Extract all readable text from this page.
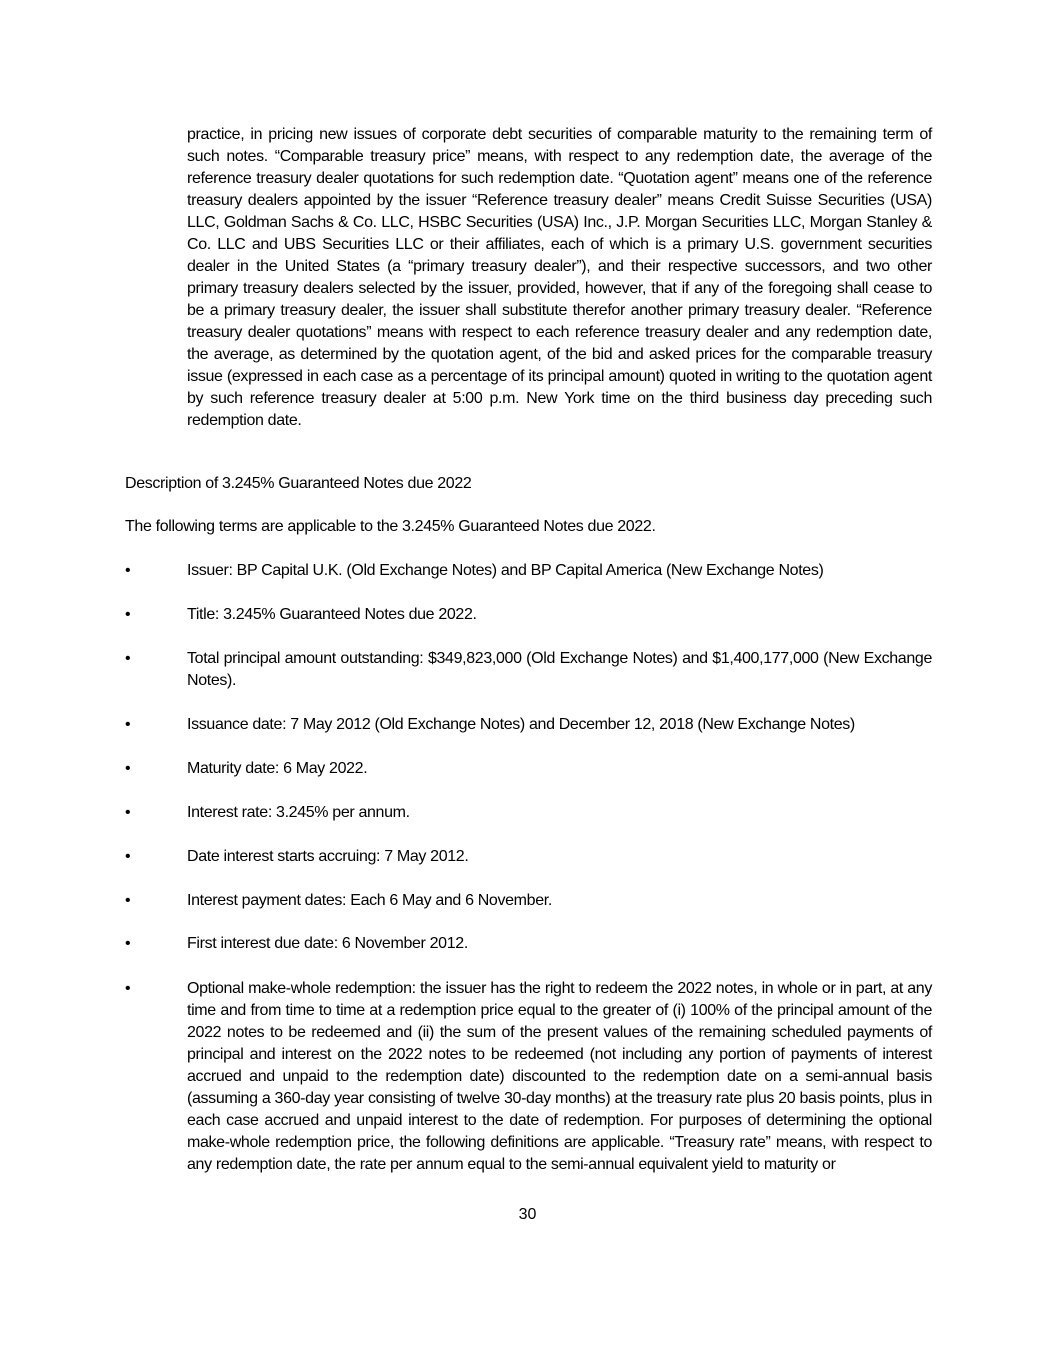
practice, in pricing new issues of corporate debt securities of comparable maturity to the remaining term of such notes. “Comparable treasury price” means, with respect to any redemption date, the average of the reference treasury dealer quotations for such redemption date. “Quotation agent” means one of the reference treasury dealers appointed by the issuer “Reference treasury dealer” means Credit Suisse Securities (USA) LLC, Goldman Sachs & Co. LLC, HSBC Securities (USA) Inc., J.P. Morgan Securities LLC, Morgan Stanley & Co. LLC and UBS Securities LLC or their affiliates, each of which is a primary U.S. government securities dealer in the United States (a “primary treasury dealer”), and their respective successors, and two other primary treasury dealers selected by the issuer, provided, however, that if any of the foregoing shall cease to be a primary treasury dealer, the issuer shall substitute therefor another primary treasury dealer. “Reference treasury dealer quotations” means with respect to each reference treasury dealer and any redemption date, the average, as determined by the quotation agent, of the bid and asked prices for the comparable treasury issue (expressed in each case as a percentage of its principal amount) quoted in writing to the quotation agent by such reference treasury dealer at 5:00 p.m. New York time on the third business day preceding such redemption date.
Description of 3.245% Guaranteed Notes due 2022
The following terms are applicable to the 3.245% Guaranteed Notes due 2022.
•	Issuer: BP Capital U.K. (Old Exchange Notes) and BP Capital America (New Exchange Notes)
•	Title: 3.245% Guaranteed Notes due 2022.
•	Total principal amount outstanding: $349,823,000 (Old Exchange Notes) and $1,400,177,000 (New Exchange Notes).
•	Issuance date: 7 May 2012 (Old Exchange Notes) and December 12, 2018 (New Exchange Notes)
•	Maturity date: 6 May 2022.
•	Interest rate: 3.245% per annum.
•	Date interest starts accruing: 7 May 2012.
•	Interest payment dates: Each 6 May and 6 November.
•	First interest due date: 6 November 2012.
•	Optional make-whole redemption: the issuer has the right to redeem the 2022 notes, in whole or in part, at any time and from time to time at a redemption price equal to the greater of (i) 100% of the principal amount of the 2022 notes to be redeemed and (ii) the sum of the present values of the remaining scheduled payments of principal and interest on the 2022 notes to be redeemed (not including any portion of payments of interest accrued and unpaid to the redemption date) discounted to the redemption date on a semi-annual basis (assuming a 360-day year consisting of twelve 30-day months) at the treasury rate plus 20 basis points, plus in each case accrued and unpaid interest to the date of redemption. For purposes of determining the optional make-whole redemption price, the following definitions are applicable. “Treasury rate” means, with respect to any redemption date, the rate per annum equal to the semi-annual equivalent yield to maturity or
30
